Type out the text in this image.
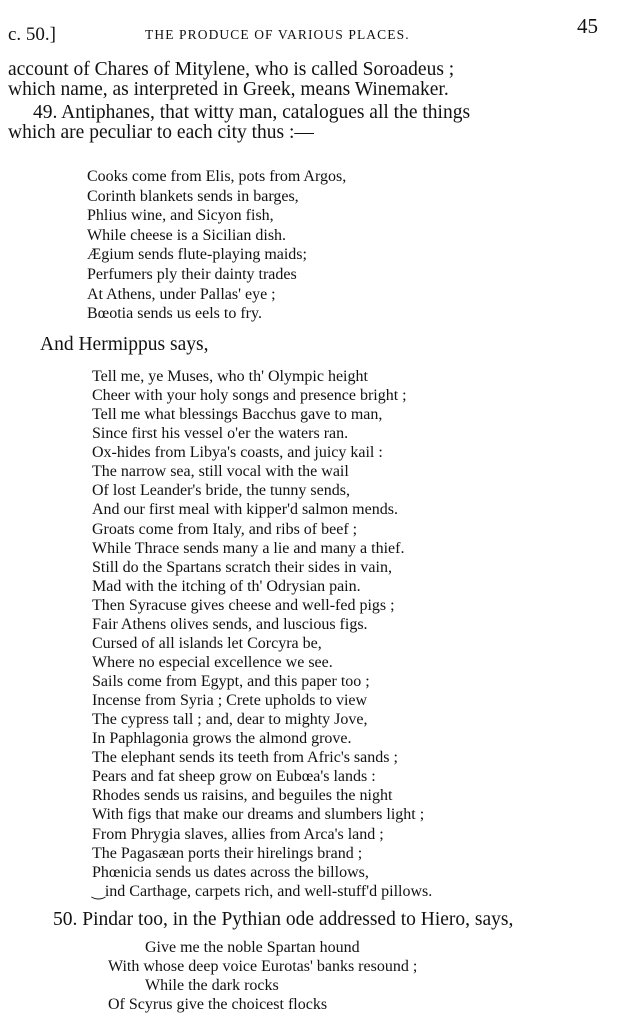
c. 50.]	THE PRODUCE OF VARIOUS PLACES.	45
account of Chares of Mitylene, who is called Soroadeus ;
which name, as interpreted in Greek, means Winemaker.
49. Antiphanes, that witty man, catalogues all the things
which are peculiar to each city thus :—
Cooks come from Elis, pots from Argos,
Corinth blankets sends in barges,
Phlius wine, and Sicyon fish,
While cheese is a Sicilian dish.
Ægium sends flute-playing maids;
Perfumers ply their dainty trades
At Athens, under Pallas' eye ;
Bœotia sends us eels to fry.
And Hermippus says,
Tell me, ye Muses, who th' Olympic height
Cheer with your holy songs and presence bright ;
Tell me what blessings Bacchus gave to man,
Since first his vessel o'er the waters ran.
Ox-hides from Libya's coasts, and juicy kail :
The narrow sea, still vocal with the wail
Of lost Leander's bride, the tunny sends,
And our first meal with kipper'd salmon mends.
Groats come from Italy, and ribs of beef ;
While Thrace sends many a lie and many a thief.
Still do the Spartans scratch their sides in vain,
Mad with the itching of th' Odrysian pain.
Then Syracuse gives cheese and well-fed pigs ;
Fair Athens olives sends, and luscious figs.
Cursed of all islands let Corcyra be,
Where no especial excellence we see.
Sails come from Egypt, and this paper too ;
Incense from Syria ; Crete upholds to view
The cypress tall ; and, dear to mighty Jove,
In Paphlagonia grows the almond grove.
The elephant sends its teeth from Afric's sands ;
Pears and fat sheep grow on Eubœa's lands :
Rhodes sends us raisins, and beguiles the night
With figs that make our dreams and slumbers light ;
From Phrygia slaves, allies from Arca's land ;
The Pagasæan ports their hirelings brand ;
Phœnicia sends us dates across the billows,
‿ind Carthage, carpets rich, and well-stuff'd pillows.
50. Pindar too, in the Pythian ode addressed to Hiero, says,
Give me the noble Spartan hound
With whose deep voice Eurotas' banks resound ;
While the dark rocks
Of Scyrus give the choicest flocks
